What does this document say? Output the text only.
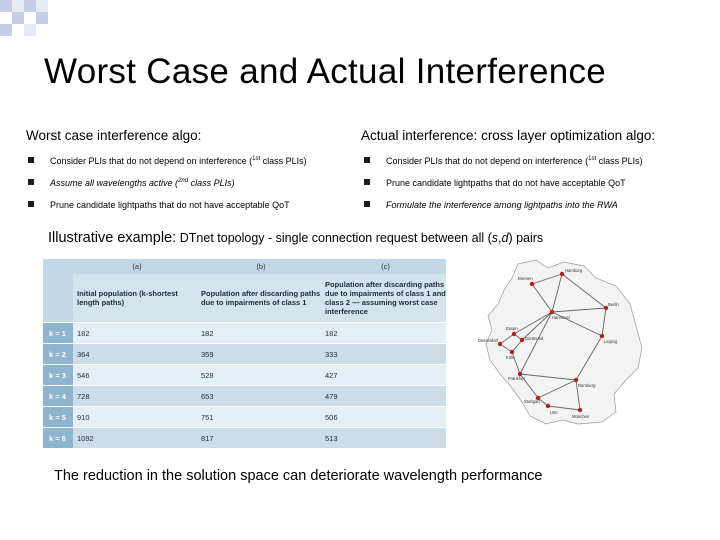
Worst Case and Actual Interference
Worst case interference algo:
Consider PLIs that do not depend on interference ($^{1st}$ class PLIs)
Assume all wavelengths active ($^{2nd}$ class PLIs)
Prune candidate lightpaths that do not have acceptable QoT
Actual interference: cross layer optimization algo:
Consider PLIs that do not depend on interference ($^{1st}$ class PLIs)
Prune candidate lightpaths that do not have acceptable QoT
Formulate the interference among lightpaths into the RWA
Illustrative example: DTnet topology - single connection request between all (s,d) pairs
	(a)	(b)	(c)
	Initial population (k-shortest length paths)	Population after discarding paths due to impairments of class 1	Population after discarding paths due to impairments of class 1 and class 2 — assuming worst case interference
k = 1	182	182	182
k = 2	364	359	333
k = 3	546	528	427
k = 4	728	653	479
k = 5	910	751	506
k = 6	1092	817	513
Hamburg
Bremen
Hannover
Berlin
Leipzig
Essen
Dortmund
Düsseldorf
Köln
Frankfurt
Nürnberg
Stuttgart
Ulm
München
The reduction in the solution space can deteriorate wavelength performance
